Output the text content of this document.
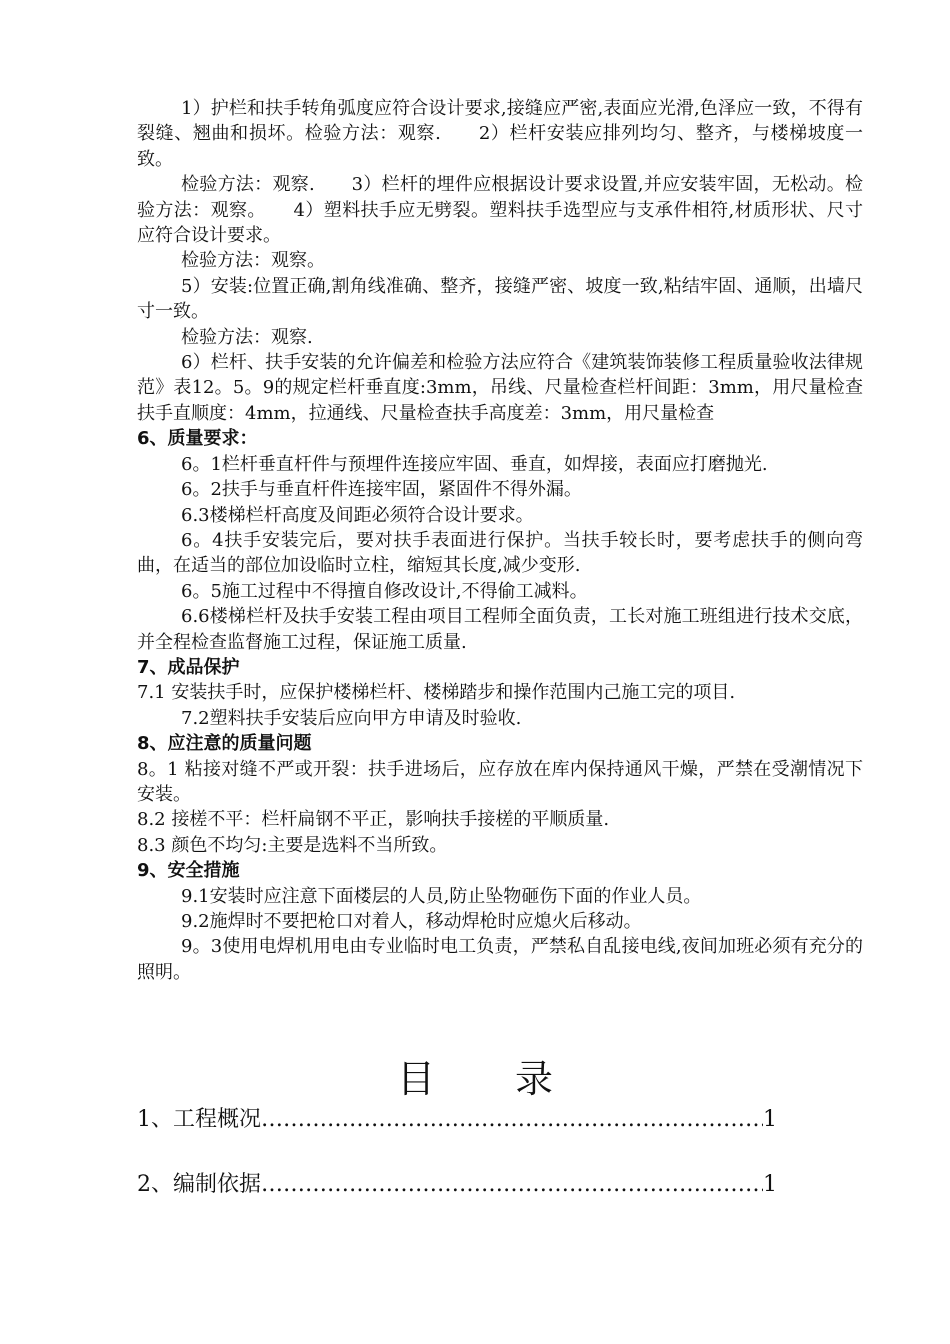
1）护栏和扶手转角弧度应符合设计要求,接缝应严密,表面应光滑,色泽应一致，不得有裂缝、翘曲和损坏。检验方法：观察.　　2）栏杆安装应排列均匀、整齐，与楼梯坡度一致。

检验方法：观察.　　3）栏杆的埋件应根据设计要求设置,并应安装牢固，无松动。检验方法：观察。　　4）塑料扶手应无劈裂。塑料扶手选型应与支承件相符,材质形状、尺寸应符合设计要求。

检验方法：观察。

5）安装:位置正确,割角线准确、整齐，接缝严密、坡度一致,粘结牢固、通顺，出墙尺寸一致。

检验方法：观察.

6）栏杆、扶手安装的允许偏差和检验方法应符合《建筑装饰装修工程质量验收法律规范》表12。5。9的规定栏杆垂直度:3mm，吊线、尺量检查栏杆间距：3mm，用尺量检查扶手直顺度：4mm，拉通线、尺量检查扶手高度差：3mm，用尺量检查

6、质量要求：

6。1栏杆垂直杆件与预埋件连接应牢固、垂直，如焊接，表面应打磨抛光.

6。2扶手与垂直杆件连接牢固，紧固件不得外漏。

6.3楼梯栏杆高度及间距必须符合设计要求。

6。4扶手安装完后，要对扶手表面进行保护。当扶手较长时，要考虑扶手的侧向弯曲，在适当的部位加设临时立柱，缩短其长度,减少变形.

6。5施工过程中不得擅自修改设计,不得偷工减料。

6.6楼梯栏杆及扶手安装工程由项目工程师全面负责，工长对施工班组进行技术交底，并全程检查监督施工过程，保证施工质量.

7、成品保护

7.1 安装扶手时，应保护楼梯栏杆、楼梯踏步和操作范围内己施工完的项目.

7.2塑料扶手安装后应向甲方申请及时验收.

8、应注意的质量问题

8。1 粘接对缝不严或开裂：扶手进场后，应存放在库内保持通风干燥，严禁在受潮情况下安装。

8.2 接槎不平：栏杆扁钢不平正，影响扶手接槎的平顺质量.

8.3 颜色不均匀:主要是选料不当所致。

9、安全措施

9.1安装时应注意下面楼层的人员,防止坠物砸伤下面的作业人员。

9.2施焊时不要把枪口对着人，移动焊枪时应熄火后移动。

9。3使用电焊机用电由专业临时电工负责，严禁私自乱接电线,夜间加班必须有充分的照明。

目录
1、工程概况 ……………………………………………………………………………………………………………	1
2、编制依据 ……………………………………………………………………………………………………………	1
